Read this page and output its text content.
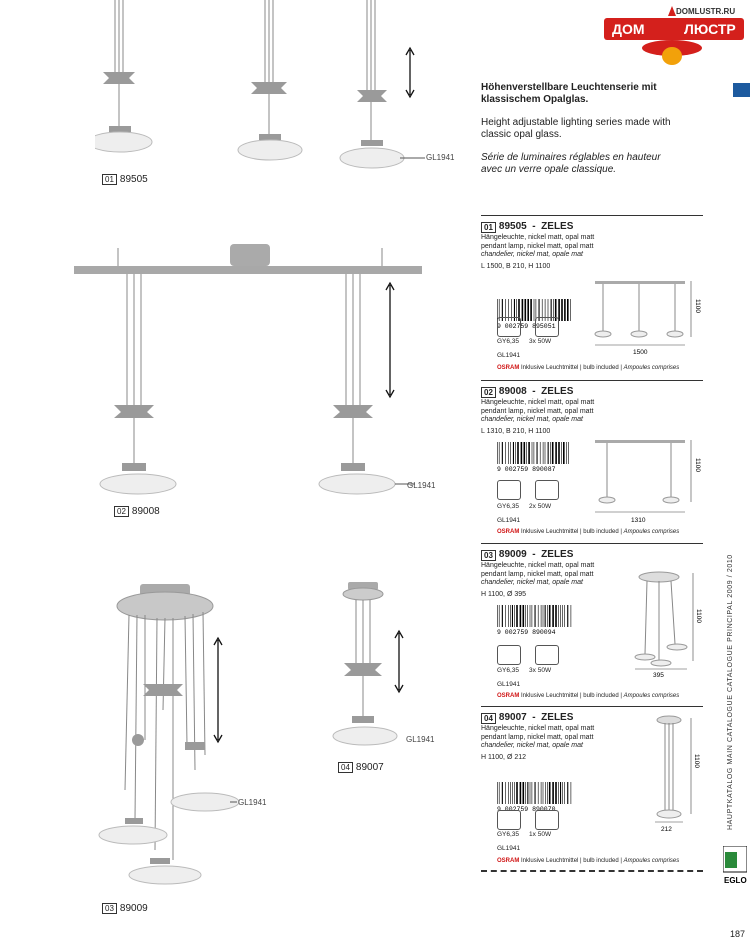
ДОМ	ЛЮСТР
DOMLUSTR.RU
GL1941
01 89505
GL1941
02 89008
GL1941
03 89009
GL1941
04 89007

Höhenverstellbare Leuchtenserie mit klassischem Opalglas.

Height adjustable lighting series made with classic opal glass.

Série de luminaires réglables en hauteur avec un verre opale classique.

01 89505 - ZELES
Hängeleuchte, nickel matt, opal matt
pendant lamp, nickel matt, opal matt
chandelier, nickel mat, opale mat
L 1500, B 210, H 1100
9 002759 895051
GY6,35 3x 50W
GL1941
OSRAM Inklusive Leuchtmittel | bulb included | Ampoules comprises
1500
1100
02 89008 - ZELES
Hängeleuchte, nickel matt, opal matt
pendant lamp, nickel matt, opal matt
chandelier, nickel mat, opale mat
L 1310, B 210, H 1100
9 002759 890087
GY6,35 2x 50W
GL1941
OSRAM Inklusive Leuchtmittel | bulb included | Ampoules comprises
1310
1100
03 89009 - ZELES
Hängeleuchte, nickel matt, opal matt
pendant lamp, nickel matt, opal matt
chandelier, nickel mat, opale mat
H 1100, Ø 395
9 002759 890094
GY6,35 3x 50W
GL1941
OSRAM Inklusive Leuchtmittel | bulb included | Ampoules comprises
395
1100
04 89007 - ZELES
Hängeleuchte, nickel matt, opal matt
pendant lamp, nickel matt, opal matt
chandelier, nickel mat, opale mat
H 1100, Ø 212
9 002759 890070
GY6,35 1x 50W
GL1941
OSRAM Inklusive Leuchtmittel | bulb included | Ampoules comprises
212
1100	HAUPTKATALOG MAIN CATALOGUE CATALOGUE PRINCIPAL 2009 / 2010
EGLO
187
